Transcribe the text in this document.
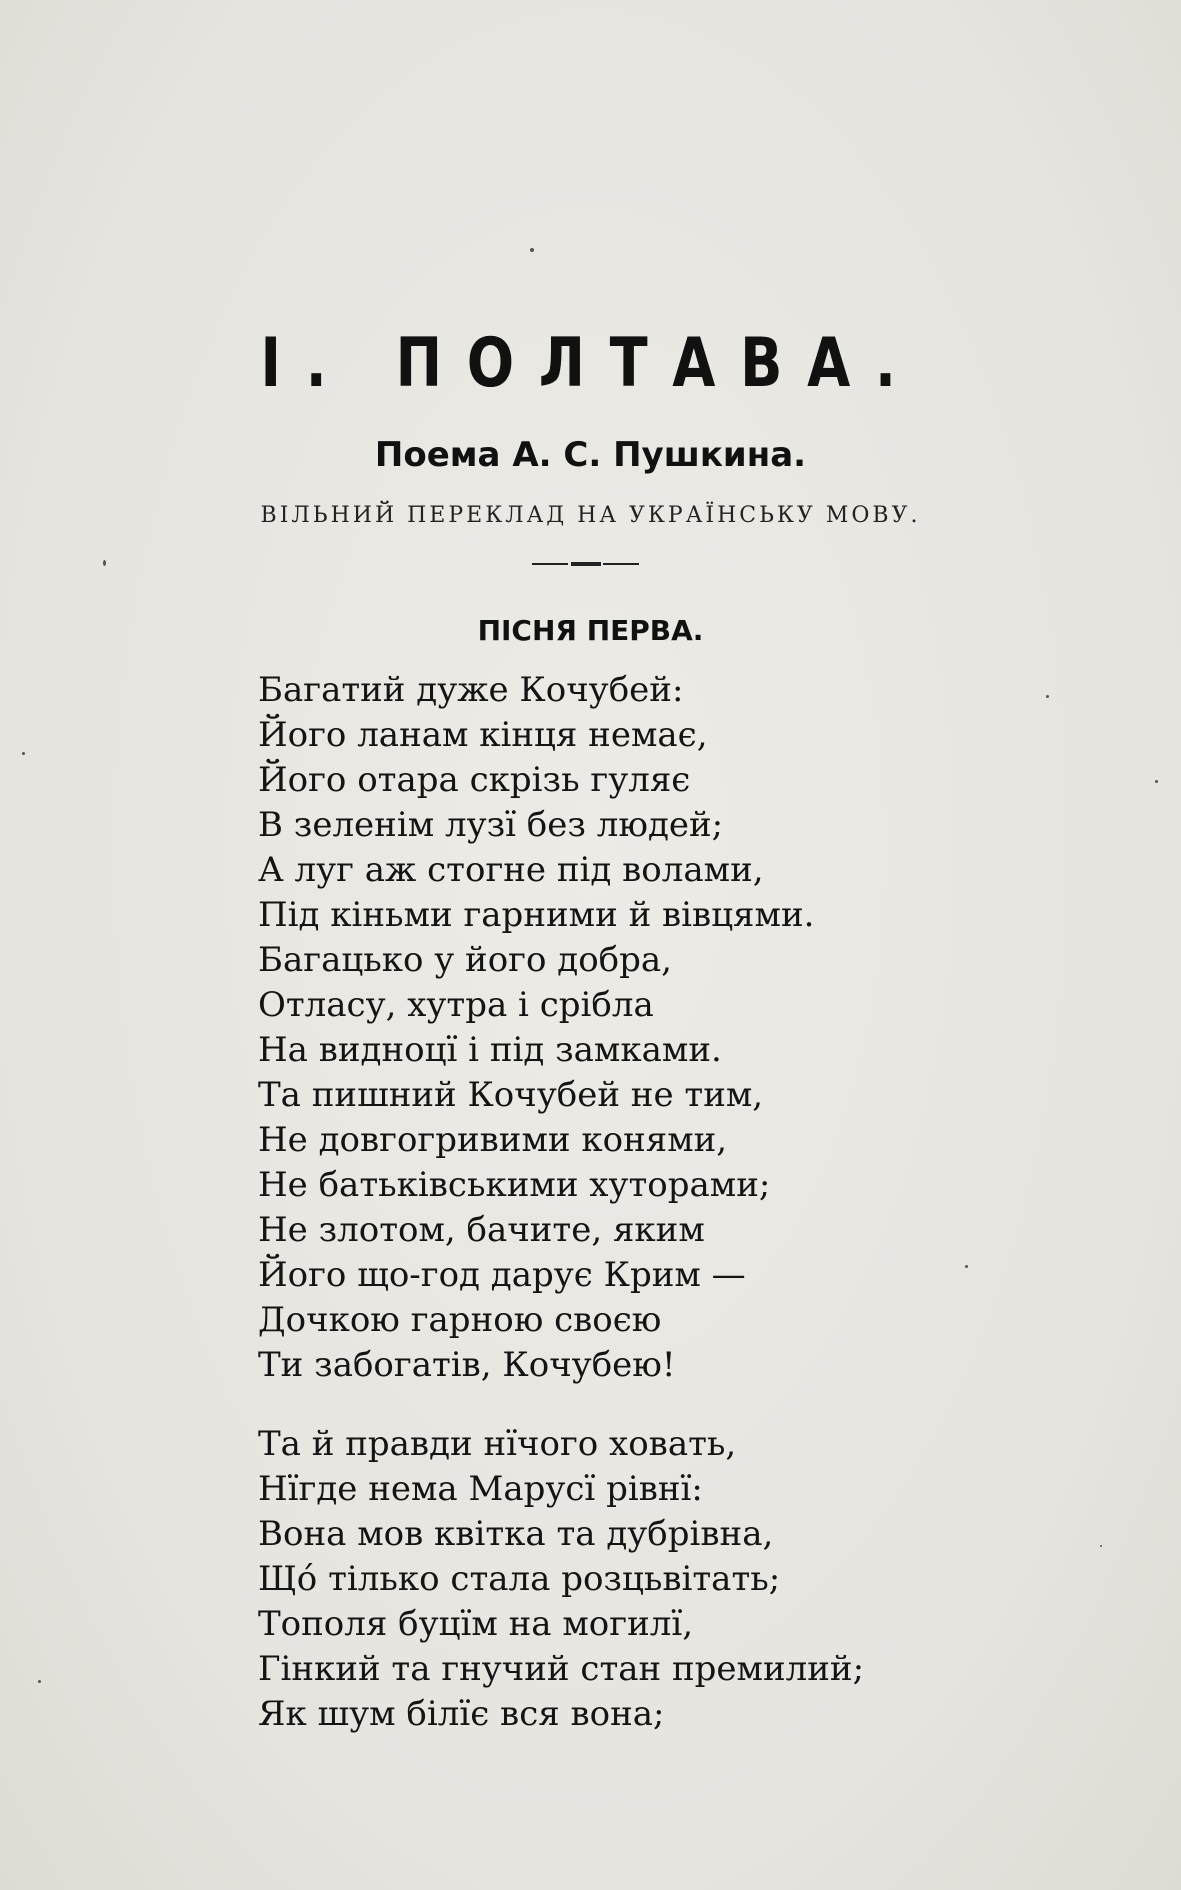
І. ПОЛТАВА.
Поема А. С. Пушкина.
ВІЛЬНИЙ ПЕРЕКЛАД НА УКРАЇНСЬКУ МОВУ.
ПІСНЯ ПЕРВА.
Багатий дуже Кочубей:
Його ланам кінця немає,
Його отара скрізь гуляє
В зеленім лузї без людей;
А луг аж стогне під волами,
Під кіньми гарними й вівцями.
Багацько у його добра,
Отласу, хутра і срібла
На видноцї і під замками.
Та пишний Кочубей не тим,
Не довгогривими конями,
Не батьківськими хуторами;
Не злотом, бачите, яким
Його що-год дарує Крим —
Дочкою гарною своєю
Ти забогатів, Кочубею!
Та й правди нїчого ховать,
Нїгде нема Марусї рівнї:
Вона мов квітка та дубрівна,
Щó тілько стала розцьвітать;
Тополя буцїм на могилї,
Гінкий та гнучий стан премилий;
Як шум білїє вся вона;
